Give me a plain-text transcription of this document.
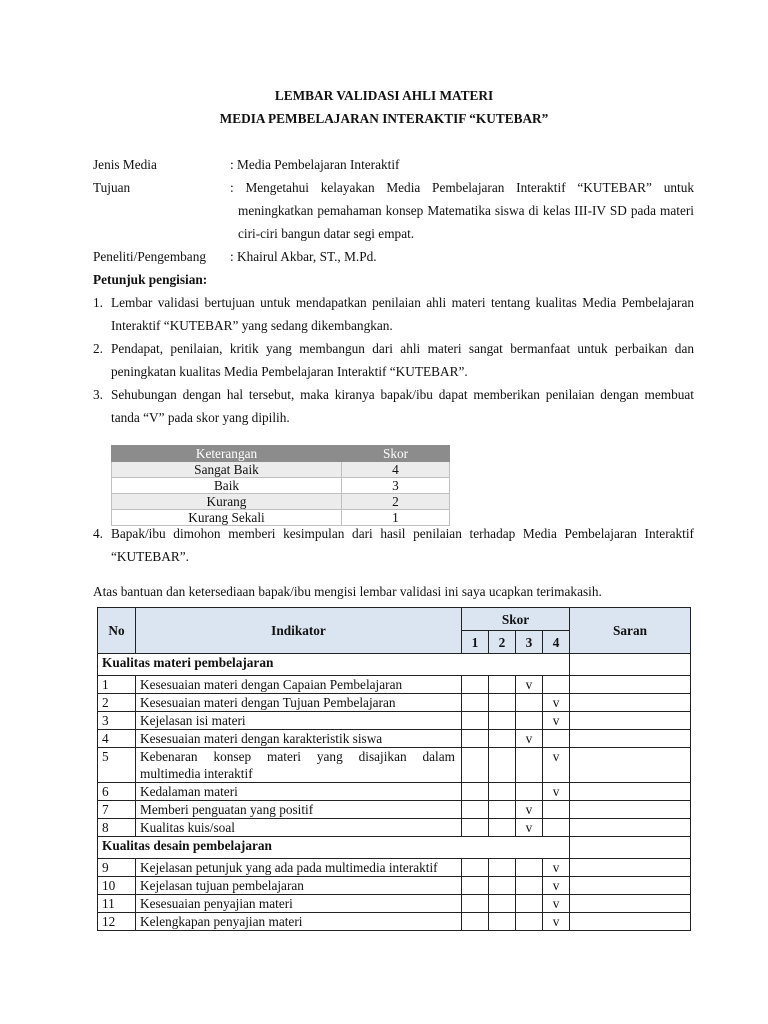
LEMBAR VALIDASI AHLI MATERI
MEDIA PEMBELAJARAN INTERAKTIF “KUTEBAR”
Jenis Media	: Media Pembelajaran Interaktif
Tujuan	: Mengetahui kelayakan Media Pembelajaran Interaktif “KUTEBAR” untuk
meningkatkan pemahaman konsep Matematika siswa di kelas III-IV SD pada materi ciri-ciri bangun datar segi empat.
Peneliti/Pengembang : Khairul Akbar, ST., M.Pd.
Petunjuk pengisian:
1. Lembar validasi bertujuan untuk mendapatkan penilaian ahli materi tentang kualitas Media Pembelajaran Interaktif “KUTEBAR” yang sedang dikembangkan.
2. Pendapat, penilaian, kritik yang membangun dari ahli materi sangat bermanfaat untuk perbaikan dan peningkatan kualitas Media Pembelajaran Interaktif “KUTEBAR”.
3. Sehubungan dengan hal tersebut, maka kiranya bapak/ibu dapat memberikan penilaian dengan membuat tanda “V” pada skor yang dipilih.
Keterangan	Skor
Sangat Baik	4
Baik	3
Kurang	2
Kurang Sekali	1
4. Bapak/ibu dimohon memberi kesimpulan dari hasil penilaian terhadap Media Pembelajaran Interaktif “KUTEBAR”.
Atas bantuan dan ketersediaan bapak/ibu mengisi lembar validasi ini saya ucapkan terimakasih.
No	Indikator	Skor				Saran
		1	2	3	4	
Kualitas materi pembelajaran						
1	Kesesuaian materi dengan Capaian Pembelajaran			v		
2	Kesesuaian materi dengan Tujuan Pembelajaran				v	
3	Kejelasan isi materi				v	
4	Kesesuaian materi dengan karakteristik siswa			v		
5	Kebenaran konsep materi yang disajikan dalam multimedia interaktif				v	
6	Kedalaman materi				v	
7	Memberi penguatan yang positif			v		
8	Kualitas kuis/soal			v		
Kualitas desain pembelajaran						
9	Kejelasan petunjuk yang ada pada multimedia interaktif				v	
10	Kejelasan tujuan pembelajaran				v	
11	Kesesuaian penyajian materi				v	
12	Kelengkapan penyajian materi				v	
